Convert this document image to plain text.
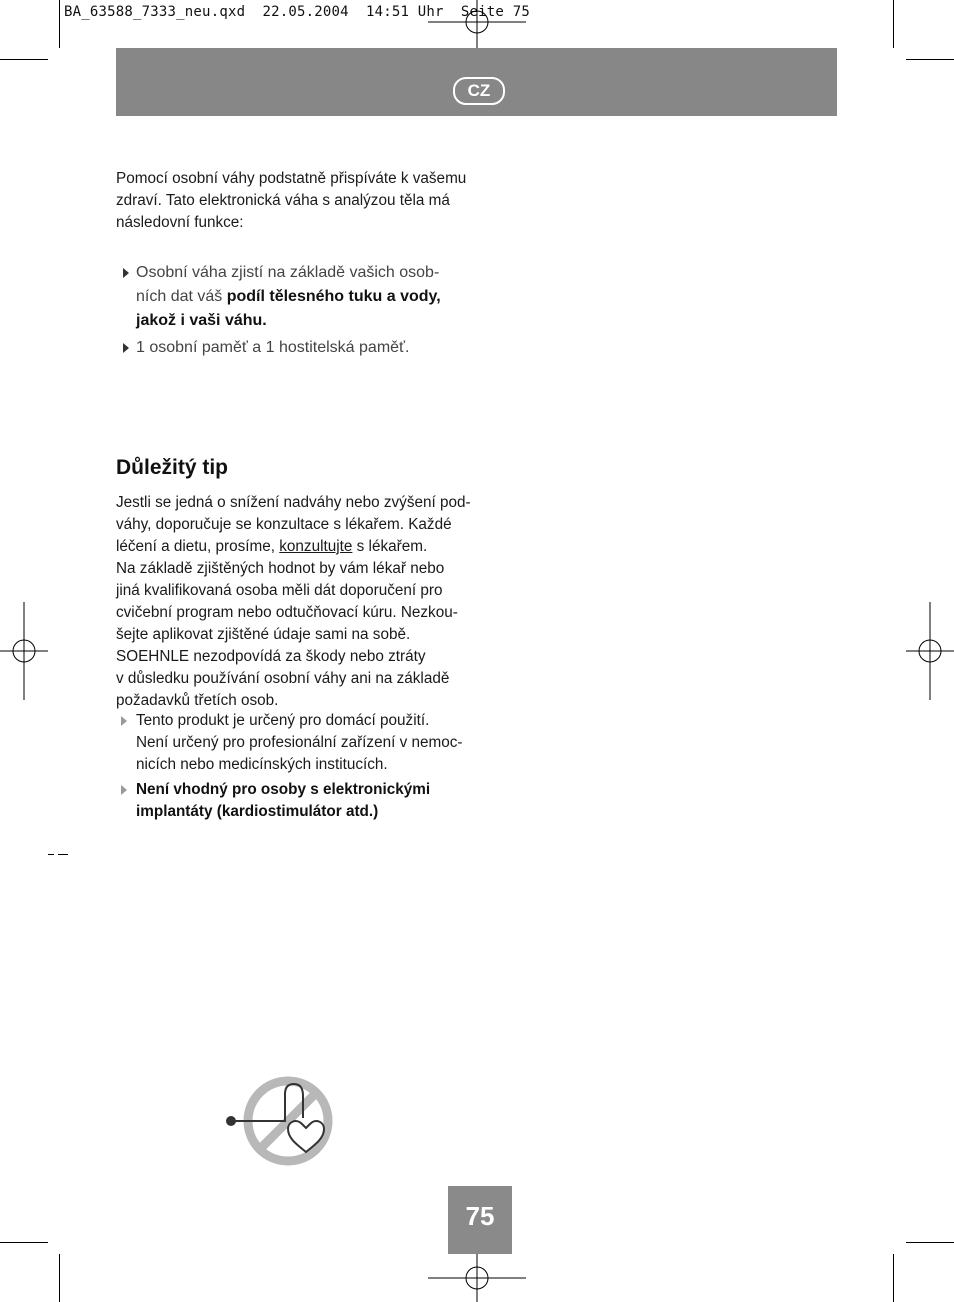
BA_63588_7333_neu.qxd  22.05.2004  14:51 Uhr  Seite 75
CZ
Pomocí osobní váhy podstatně přispíváte k vašemu
zdraví. Tato elektronická váha s analýzou těla má
následovní funkce:
Osobní váha zjistí na základě vašich osob-
ních dat váš podíl tělesného tuku a vody,
jakož i vaši váhu.
1 osobní paměť a 1 hostitelská paměť.
Důležitý tip
Jestli se jedná o snížení nadváhy nebo zvýšení pod-
váhy, doporučuje se konzultace s lékařem. Každé
léčení a dietu, prosíme, konzultujte s lékařem.
Na základě zjištěných hodnot by vám lékař nebo
jiná kvalifikovaná osoba měli dát doporučení pro
cvičební program nebo odtučňovací kúru. Nezkou-
šejte aplikovat zjištěné údaje sami na sobě.
SOEHNLE nezodpovídá za škody nebo ztráty
v důsledku používání osobní váhy ani na základě
požadavků třetích osob.
Tento produkt je určený pro domácí použití.
Není určený pro profesionální zařízení v nemoc-
nicích nebo medicínských institucích.
Není vhodný pro osoby s elektronickými
implantáty (kardiostimulátor atd.)
75
